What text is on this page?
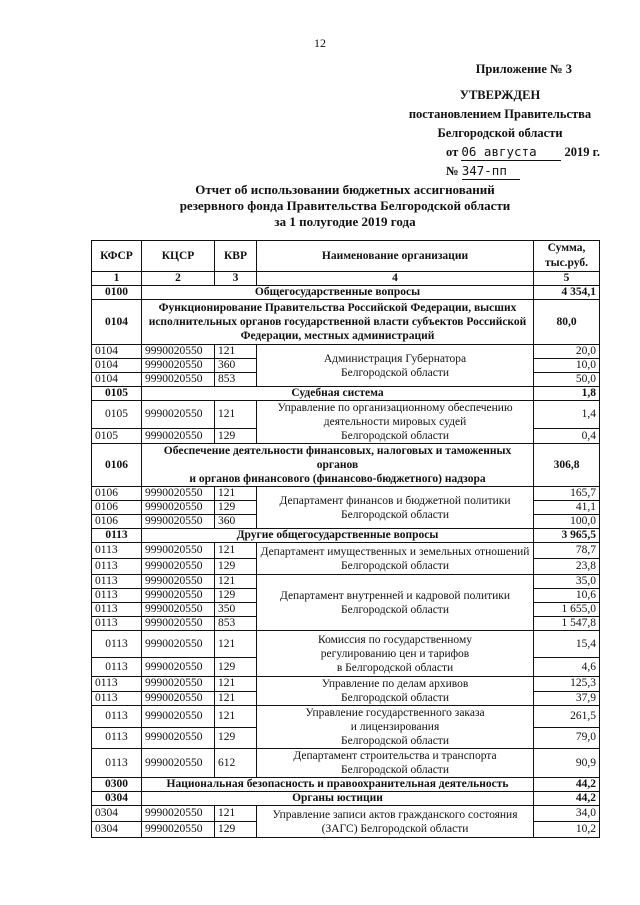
12
Приложение № 3
УТВЕРЖДЕН
постановлением Правительства
Белгородской области
от 06 августа 2019 г.
№ 347-пп
Отчет об использовании бюджетных ассигнований
резервного фонда Правительства Белгородской области
за 1 полугодие 2019 года
КФСР	КЦСР	КВР	Наименование организации	Сумма,
тыс.руб.

1	2	3	4	5
0100	Общегосударственные вопросы			4 354,1
0104	Функционирование Правительства Российской Федерации, высших
исполнительных органов государственной власти субъектов Российской
Федерации, местных администраций			80,0
0104	9990020550	121	Администрация Губернатора
Белгородской области	20,0
0104	9990020550	360		10,0
0104	9990020550	853		50,0
0105	Судебная система			1,8
0105	9990020550	121	Управление по организационному обеспечению
деятельности мировых судей
Белгородской области	1,4
0105	9990020550	129		0,4
0106	Обеспечение деятельности финансовых, налоговых и таможенных органов
и органов финансового (финансово-бюджетного) надзора			306,8
0106	9990020550	121	Департамент финансов и бюджетной политики
Белгородской области	165,7
0106	9990020550	129		41,1
0106	9990020550	360		100,0
0113	Другие общегосударственные вопросы			3 965,5
0113	9990020550	121	Департамент имущественных и земельных отношений
Белгородской области	78,7
0113	9990020550	129		23,8
0113	9990020550	121	Департамент внутренней и кадровой политики
Белгородской области	35,0
0113	9990020550	129		10,6
0113	9990020550	350		1 655,0
0113	9990020550	853		1 547,8
0113	9990020550	121	Комиссия по государственному
регулированию цен и тарифов
в Белгородской области	15,4
0113	9990020550	129		4,6
0113	9990020550	121	Управление по делам архивов
Белгородской области	125,3
0113	9990020550	121		37,9
0113	9990020550	121	Управление государственного заказа
и лицензирования
Белгородской области	261,5
0113	9990020550	129		79,0
0113	9990020550	612	Департамент строительства и транспорта
Белгородской области	90,9
0300	Национальная безопасность и правоохранительная деятельность			44,2
0304	Органы юстиции			44,2
0304	9990020550	121	Управление записи актов гражданского состояния
(ЗАГС) Белгородской области	34,0
0304	9990020550	129		10,2
